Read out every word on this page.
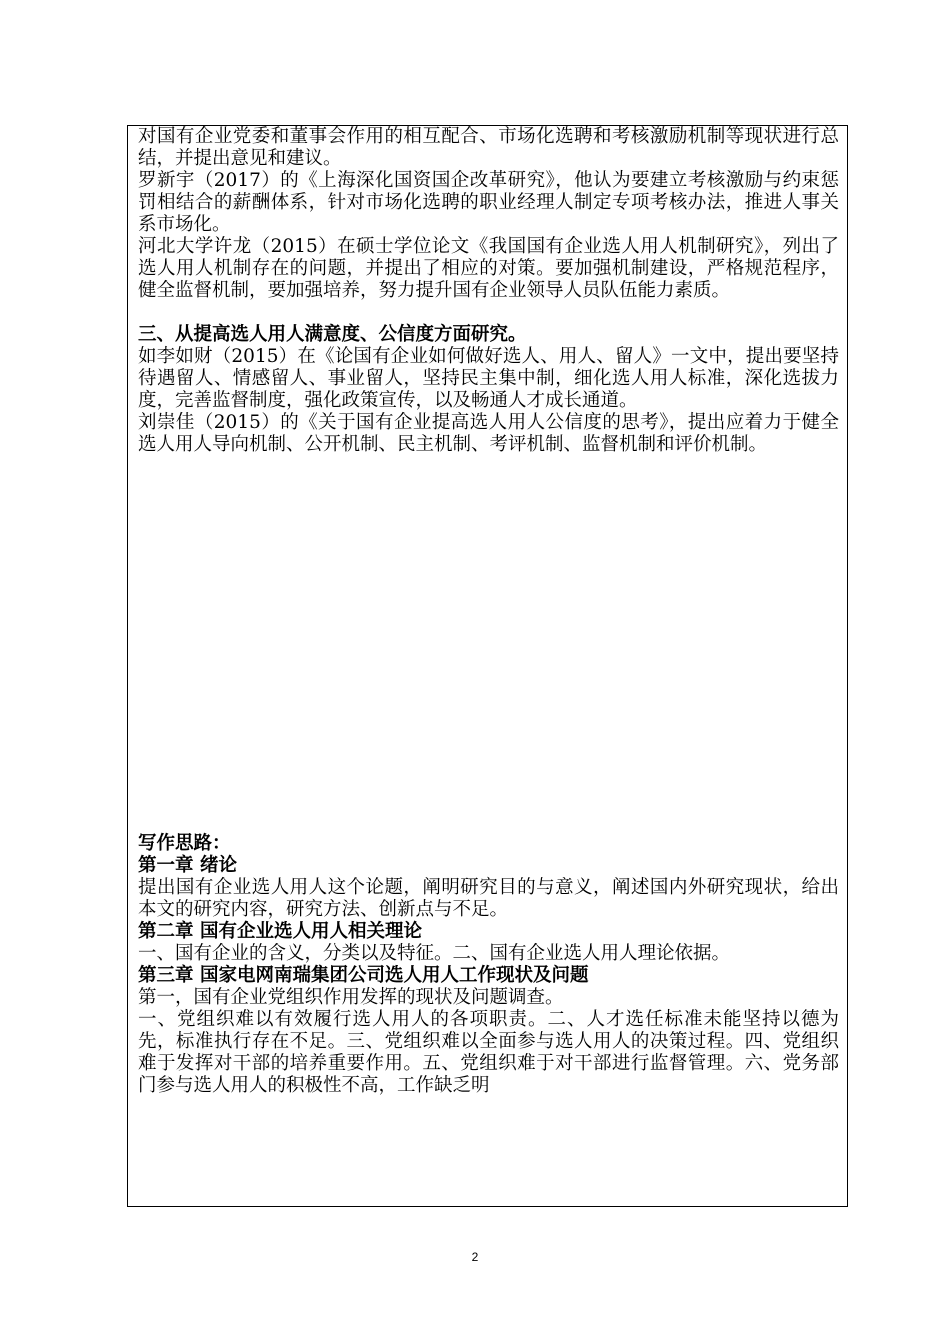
对国有企业党委和董事会作用的相互配合、市场化选聘和考核激励机制等现状进行总结，并提出意见和建议。

罗新宇（2017）的《上海深化国资国企改革研究》，他认为要建立考核激励与约束惩罚相结合的薪酬体系，针对市场化选聘的职业经理人制定专项考核办法，推进人事关系市场化。

河北大学许龙（2015）在硕士学位论文《我国国有企业选人用人机制研究》，列出了选人用人机制存在的问题，并提出了相应的对策。要加强机制建设，严格规范程序，健全监督机制，要加强培养，努力提升国有企业领导人员队伍能力素质。

三、从提高选人用人满意度、公信度方面研究。

如李如财（2015）在《论国有企业如何做好选人、用人、留人》一文中，提出要坚持待遇留人、情感留人、事业留人，坚持民主集中制，细化选人用人标准，深化选拔力度，完善监督制度，强化政策宣传，以及畅通人才成长通道。

刘崇佳（2015）的《关于国有企业提高选人用人公信度的思考》，提出应着力于健全选人用人导向机制、公开机制、民主机制、考评机制、监督机制和评价机制。

写作思路：

第一章 绪论

提出国有企业选人用人这个论题，阐明研究目的与意义，阐述国内外研究现状，给出本文的研究内容，研究方法、创新点与不足。

第二章 国有企业选人用人相关理论

一、国有企业的含义，分类以及特征。二、国有企业选人用人理论依据。

第三章 国家电网南瑞集团公司选人用人工作现状及问题

第一，国有企业党组织作用发挥的现状及问题调查。

一、党组织难以有效履行选人用人的各项职责。二、人才选任标准未能坚持以德为先，标准执行存在不足。三、党组织难以全面参与选人用人的决策过程。四、党组织难于发挥对干部的培养重要作用。五、党组织难于对干部进行监督管理。六、党务部门参与选人用人的积极性不高，工作缺乏明

2
